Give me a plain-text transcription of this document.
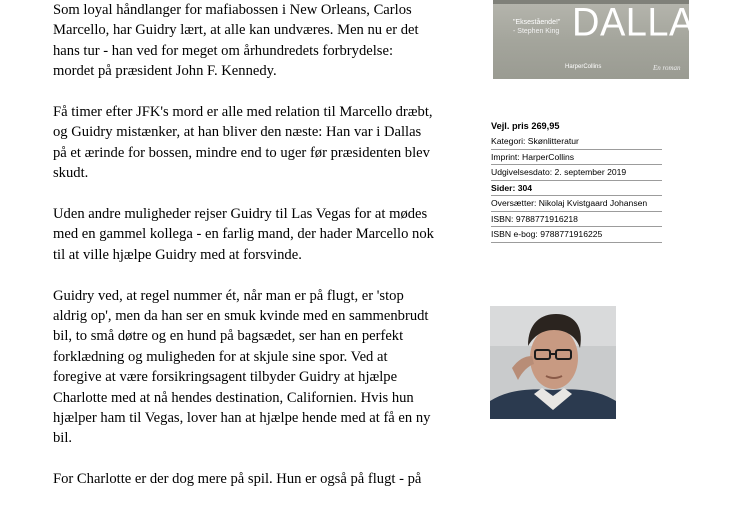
Som loyal håndlanger for mafiabossen i New Orleans, Carlos
Marcello, har Guidry lært, at alle kan undværes. Men nu er det
hans tur - han ved for meget om århundredets forbrydelse:
mordet på præsident John F. Kennedy.

Få timer efter JFK's mord er alle med relation til Marcello dræbt,
og Guidry mistænker, at han bliver den næste: Han var i Dallas
på et ærinde for bossen, mindre end to uger før præsidenten blev
skudt.

Uden andre muligheder rejser Guidry til Las Vegas for at mødes
med en gammel kollega - en farlig mand, der hader Marcello nok
til at ville hjælpe Guidry med at forsvinde.

Guidry ved, at regel nummer ét, når man er på flugt, er 'stop
aldrig op', men da han ser en smuk kvinde med en sammenbrudt
bil, to små døtre og en hund på bagsædet, ser han en perfekt
forklædning og muligheden for at skjule sine spor. Ved at
foregive at være forsikringsagent tilbyder Guidry at hjælpe
Charlotte med at nå hendes destination, Californien. Hvis hun
hjælper ham til Vegas, lover han at hjælpe hende med at få en ny
bil.

For Charlotte er der dog mere på spil. Hun er også på flugt - på

"Eksestående!"
- Stephen King DALLAS
HarperCollins	En roman
Vejl. pris 269,95
Kategori: Skønlitteratur
Imprint: HarperCollins
Udgivelsesdato: 2. september 2019
Sider: 304
Oversætter: Nikolaj Kvistgaard Johansen
ISBN: 9788771916218
ISBN e-bog: 9788771916225
